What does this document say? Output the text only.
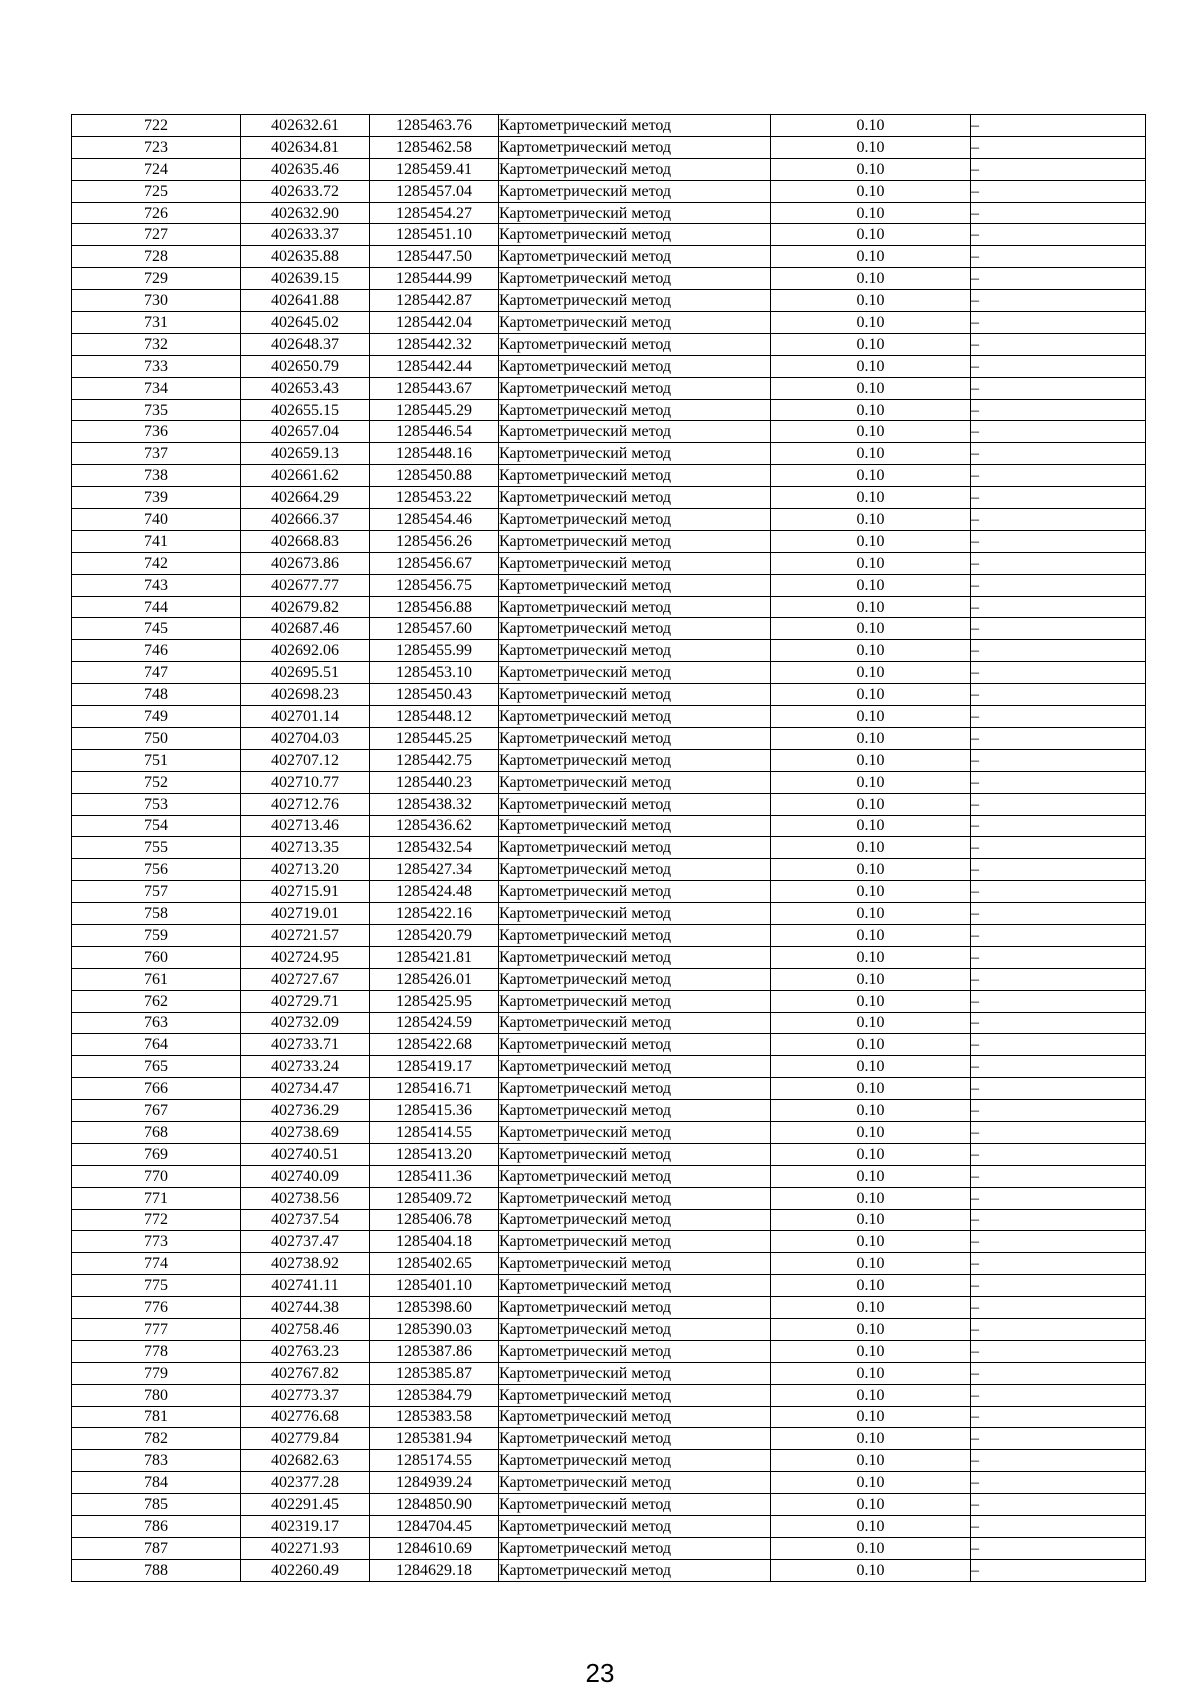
722	402632.61	1285463.76	Картометрический метод	0.10	–
723	402634.81	1285462.58	Картометрический метод	0.10	–
724	402635.46	1285459.41	Картометрический метод	0.10	–
725	402633.72	1285457.04	Картометрический метод	0.10	–
726	402632.90	1285454.27	Картометрический метод	0.10	–
727	402633.37	1285451.10	Картометрический метод	0.10	–
728	402635.88	1285447.50	Картометрический метод	0.10	–
729	402639.15	1285444.99	Картометрический метод	0.10	–
730	402641.88	1285442.87	Картометрический метод	0.10	–
731	402645.02	1285442.04	Картометрический метод	0.10	–
732	402648.37	1285442.32	Картометрический метод	0.10	–
733	402650.79	1285442.44	Картометрический метод	0.10	–
734	402653.43	1285443.67	Картометрический метод	0.10	–
735	402655.15	1285445.29	Картометрический метод	0.10	–
736	402657.04	1285446.54	Картометрический метод	0.10	–
737	402659.13	1285448.16	Картометрический метод	0.10	–
738	402661.62	1285450.88	Картометрический метод	0.10	–
739	402664.29	1285453.22	Картометрический метод	0.10	–
740	402666.37	1285454.46	Картометрический метод	0.10	–
741	402668.83	1285456.26	Картометрический метод	0.10	–
742	402673.86	1285456.67	Картометрический метод	0.10	–
743	402677.77	1285456.75	Картометрический метод	0.10	–
744	402679.82	1285456.88	Картометрический метод	0.10	–
745	402687.46	1285457.60	Картометрический метод	0.10	–
746	402692.06	1285455.99	Картометрический метод	0.10	–
747	402695.51	1285453.10	Картометрический метод	0.10	–
748	402698.23	1285450.43	Картометрический метод	0.10	–
749	402701.14	1285448.12	Картометрический метод	0.10	–
750	402704.03	1285445.25	Картометрический метод	0.10	–
751	402707.12	1285442.75	Картометрический метод	0.10	–
752	402710.77	1285440.23	Картометрический метод	0.10	–
753	402712.76	1285438.32	Картометрический метод	0.10	–
754	402713.46	1285436.62	Картометрический метод	0.10	–
755	402713.35	1285432.54	Картометрический метод	0.10	–
756	402713.20	1285427.34	Картометрический метод	0.10	–
757	402715.91	1285424.48	Картометрический метод	0.10	–
758	402719.01	1285422.16	Картометрический метод	0.10	–
759	402721.57	1285420.79	Картометрический метод	0.10	–
760	402724.95	1285421.81	Картометрический метод	0.10	–
761	402727.67	1285426.01	Картометрический метод	0.10	–
762	402729.71	1285425.95	Картометрический метод	0.10	–
763	402732.09	1285424.59	Картометрический метод	0.10	–
764	402733.71	1285422.68	Картометрический метод	0.10	–
765	402733.24	1285419.17	Картометрический метод	0.10	–
766	402734.47	1285416.71	Картометрический метод	0.10	–
767	402736.29	1285415.36	Картометрический метод	0.10	–
768	402738.69	1285414.55	Картометрический метод	0.10	–
769	402740.51	1285413.20	Картометрический метод	0.10	–
770	402740.09	1285411.36	Картометрический метод	0.10	–
771	402738.56	1285409.72	Картометрический метод	0.10	–
772	402737.54	1285406.78	Картометрический метод	0.10	–
773	402737.47	1285404.18	Картометрический метод	0.10	–
774	402738.92	1285402.65	Картометрический метод	0.10	–
775	402741.11	1285401.10	Картометрический метод	0.10	–
776	402744.38	1285398.60	Картометрический метод	0.10	–
777	402758.46	1285390.03	Картометрический метод	0.10	–
778	402763.23	1285387.86	Картометрический метод	0.10	–
779	402767.82	1285385.87	Картометрический метод	0.10	–
780	402773.37	1285384.79	Картометрический метод	0.10	–
781	402776.68	1285383.58	Картометрический метод	0.10	–
782	402779.84	1285381.94	Картометрический метод	0.10	–
783	402682.63	1285174.55	Картометрический метод	0.10	–
784	402377.28	1284939.24	Картометрический метод	0.10	–
785	402291.45	1284850.90	Картометрический метод	0.10	–
786	402319.17	1284704.45	Картометрический метод	0.10	–
787	402271.93	1284610.69	Картометрический метод	0.10	–
788	402260.49	1284629.18	Картометрический метод	0.10	–
23
